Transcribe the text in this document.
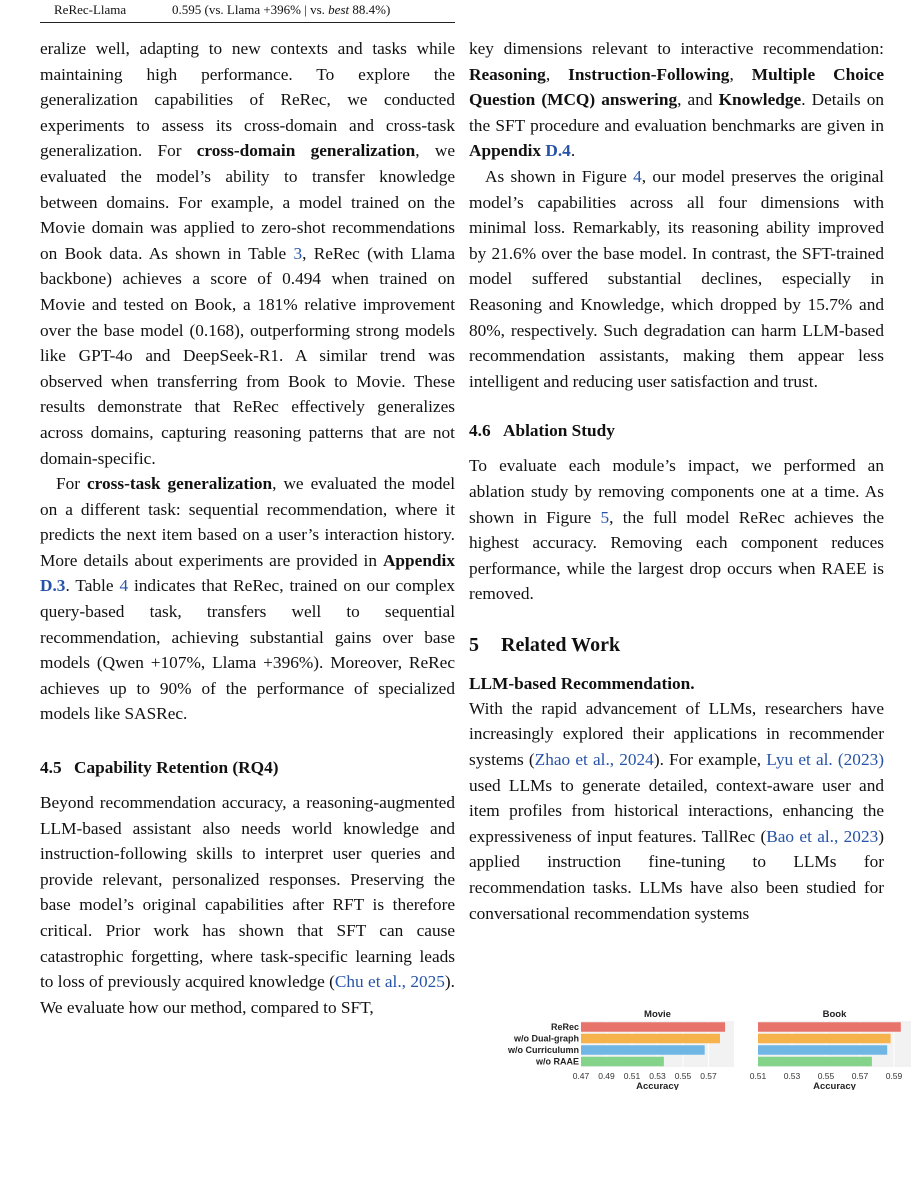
ReRec-Llama	0.595 (vs. Llama +396% | vs. best 88.4%)

eralize well, adapting to new contexts and tasks while maintaining high performance. To explore the generalization capabilities of ReRec, we conducted experiments to assess its cross-domain and cross-task generalization. For cross-domain generalization, we evaluated the model’s ability to transfer knowledge between domains. For example, a model trained on the Movie domain was applied to zero-shot recommendations on Book data. As shown in Table 3, ReRec (with Llama backbone) achieves a score of 0.494 when trained on Movie and tested on Book, a 181% relative improvement over the base model (0.168), outperforming strong models like GPT-4o and DeepSeek-R1. A similar trend was observed when transferring from Book to Movie. These results demonstrate that ReRec effectively generalizes across domains, capturing reasoning patterns that are not domain-specific.

For cross-task generalization, we evaluated the model on a different task: sequential recommendation, where it predicts the next item based on a user’s interaction history. More details about experiments are provided in Appendix D.3. Table 4 indicates that ReRec, trained on our complex query-based task, transfers well to sequential recommendation, achieving substantial gains over base models (Qwen +107%, Llama +396%). Moreover, ReRec achieves up to 90% of the performance of specialized models like SASRec.

4.5 Capability Retention (RQ4)

Beyond recommendation accuracy, a reasoning-augmented LLM-based assistant also needs world knowledge and instruction-following skills to interpret user queries and provide relevant, personalized responses. Preserving the base model’s original capabilities after RFT is therefore critical. Prior work has shown that SFT can cause catastrophic forgetting, where task-specific learning leads to loss of previously acquired knowledge (Chu et al., 2025). We evaluate how our method, compared to SFT,

key dimensions relevant to interactive recommendation: Reasoning, Instruction-Following, Multiple Choice Question (MCQ) answering, and Knowledge. Details on the SFT procedure and evaluation benchmarks are given in Appendix D.4.

As shown in Figure 4, our model preserves the original model’s capabilities across all four dimensions with minimal loss. Remarkably, its reasoning ability improved by 21.6% over the base model. In contrast, the SFT-trained model suffered substantial declines, especially in Reasoning and Knowledge, which dropped by 15.7% and 80%, respectively. Such degradation can harm LLM-based recommendation assistants, making them appear less intelligent and reducing user satisfaction and trust.

4.6 Ablation Study

To evaluate each module’s impact, we performed an ablation study by removing components one at a time. As shown in Figure 5, the full model ReRec achieves the highest accuracy. Removing each component reduces performance, while the largest drop occurs when RAEE is removed.

5 Related Work
LLM-based Recommendation.

With the rapid advancement of LLMs, researchers have increasingly explored their applications in recommender systems (Zhao et al., 2024). For example, Lyu et al. (2023) used LLMs to generate detailed, context-aware user and item profiles from historical interactions, enhancing the expressiveness of input features. TallRec (Bao et al., 2023) applied instruction fine-tuning to LLMs for recommendation tasks. LLMs have also been studied for conversational recommendation systems

0.47 0.49 0.51 0.53 0.55 0.57
Movie
Accuracy
ReRec
w/o Dual-graph
w/o Curriculumn
w/o RAAE
0.51 0.53 0.55 0.57 0.59
Book
Accuracy
